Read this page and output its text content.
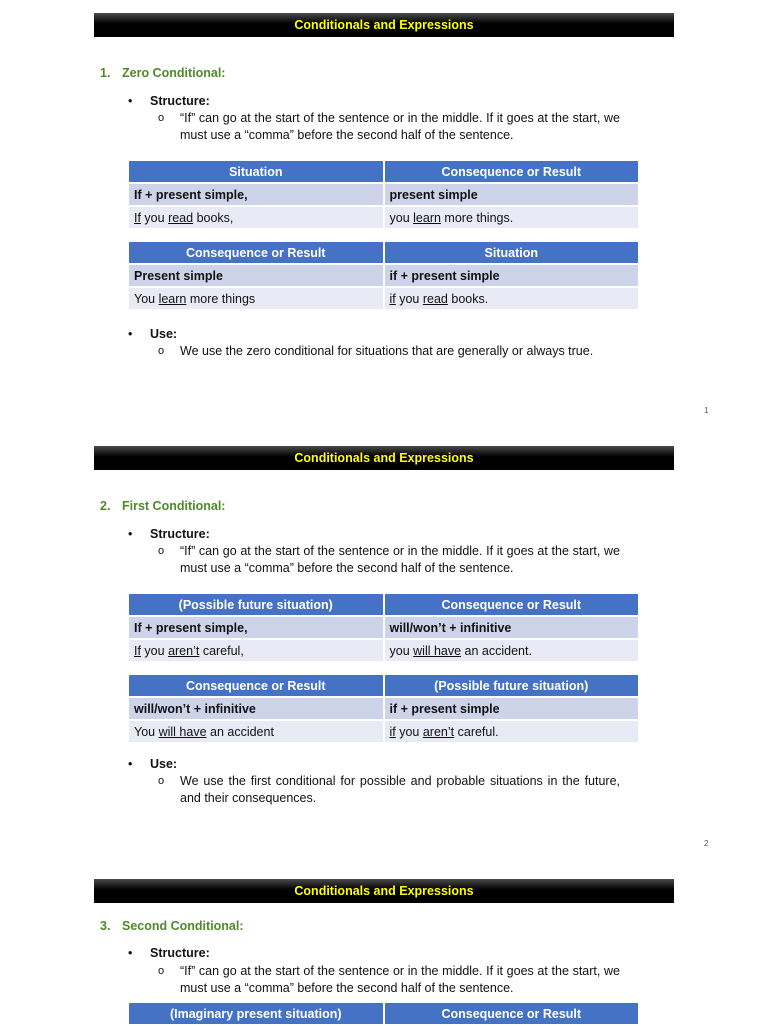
Conditionals and Expressions
1. Zero Conditional:
• Structure:
o “If” can go at the start of the sentence or in the middle. If it goes at the start, we must use a “comma” before the second half of the sentence.
Situation	Consequence or Result
If + present simple,	present simple
If you read books,	you learn more things.
Consequence or Result	Situation
Present simple	if + present simple
You learn more things	if you read books.
• Use:
o We use the zero conditional for situations that are generally or always true.
1
Conditionals and Expressions
2. First Conditional:
• Structure:
o “If” can go at the start of the sentence or in the middle. If it goes at the start, we must use a “comma” before the second half of the sentence.
(Possible future situation)	Consequence or Result
If + present simple,	will/won’t + infinitive
If you aren’t careful,	you will have an accident.
Consequence or Result	(Possible future situation)
will/won’t + infinitive	if + present simple
You will have an accident	if you aren’t careful.
• Use:
o We use the first conditional for possible and probable situations in the future, and their consequences.
2
Conditionals and Expressions
3. Second Conditional:
• Structure:
o “If” can go at the start of the sentence or in the middle. If it goes at the start, we must use a “comma” before the second half of the sentence.
(Imaginary present situation)	Consequence or Result
